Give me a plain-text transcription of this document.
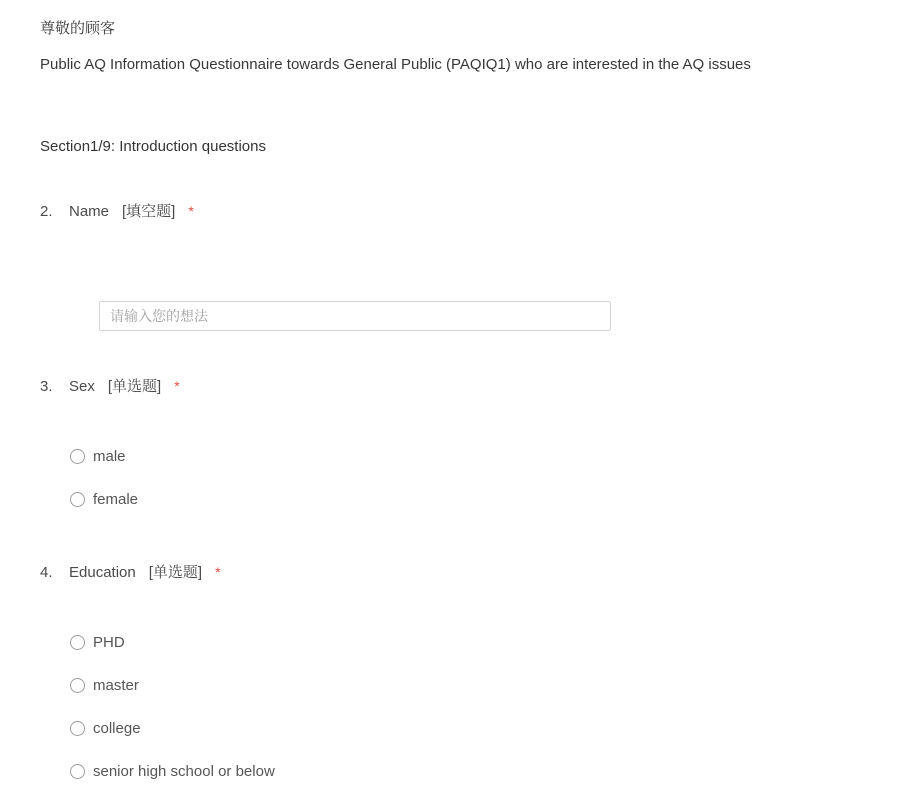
尊敬的顾客
Public AQ Information Questionnaire towards General Public (PAQIQ1) who are interested in the AQ issues
Section1/9: Introduction questions
2.	Name [填空题] *
请输入您的想法
3.	Sex [单选题] *
male
female
4.	Education [单选题] *
PHD
master
college
senior high school or below
